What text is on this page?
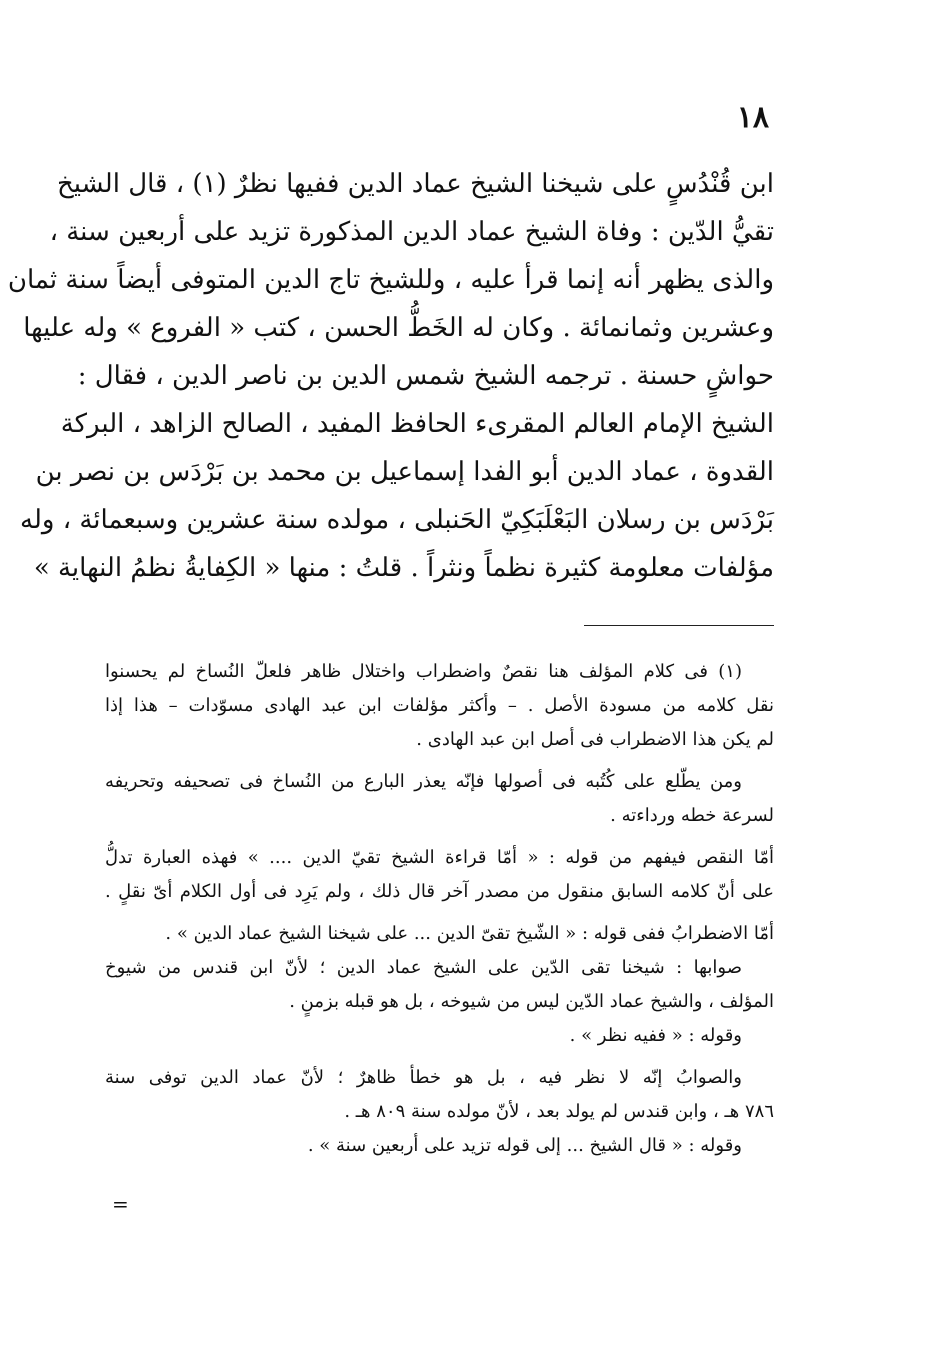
١٨
ابن قُنْدُسٍ على شيخنا الشيخ عماد الدين ففيها نظرٌ (١) ، قال الشيخ
تقيُّ الدّين : وفاة الشيخ عماد الدين المذكورة تزيد على أربعين سنة ،
والذى يظهر أنه إنما قرأ عليه ، وللشيخ تاج الدين المتوفى أيضاً سنة ثمان
وعشرين وثمانمائة . وكان له الخَطُّ الحسن ، كتب « الفروع » وله عليها
حواشٍ حسنة . ترجمه الشيخ شمس الدين بن ناصر الدين ، فقال :
الشيخ الإمام العالم المقرىء الحافظ المفيد ، الصالح الزاهد ، البركة
القدوة ، عماد الدين أبو الفدا إسماعيل بن محمد بن بَرْدَس بن نصر بن
بَرْدَس بن رسلان البَعْلَبَكِيّ الحَنبلى ، مولده سنة عشرين وسبعمائة ، وله
مؤلفات معلومة كثيرة نظماً ونثراً . قلتُ : منها « الكِفايةُ نظمُ النهاية »
(١) فى كلام المؤلف هنا نقصٌ واضطراب واختلال ظاهر فلعلّ النُساخ لم يحسنوا
نقل كلامه من مسودة الأصل . – وأكثر مؤلفات ابن عبد الهادى مسوّدات – هذا إذا
لم يكن هذا الاضطراب فى أصل ابن عبد الهادى .
ومن يطّلع على كُتُبه فى أصولها فإنّه يعذر البارع من النُساخ فى تصحيفه وتحريفه
لسرعة خطه ورداءته .
أمّا النقص فيفهم من قوله : « أمّا قراءة الشيخ تقيّ الدين .... » فهذه العبارة تدلُّ
على أنّ كلامه السابق منقول من مصدر آخر قال ذلك ، ولم يَرِد فى أول الكلام أىّ نقلٍ .
أمّا الاضطرابُ ففى قوله : « الشّيخ تقىّ الدين ... على شيخنا الشيخ عماد الدين » .
صوابها : شيخنا تقى الدّين على الشيخ عماد الدين ؛ لأنّ ابن قندس من شيوخ
المؤلف ، والشيخ عماد الدّين ليس من شيوخه ، بل هو قبله بزمنٍ .
وقوله : « ففيه نظر » .
والصوابُ إنّه لا نظر فيه ، بل هو خطأ ظاهرٌ ؛ لأنّ عماد الدين توفى سنة
٧٨٦ هـ ، وابن قندس لم يولد بعد ، لأنّ مولده سنة ٨٠٩ هـ .
وقوله : « قال الشيخ ... إلى قوله تزيد على أربعين سنة » .
=
